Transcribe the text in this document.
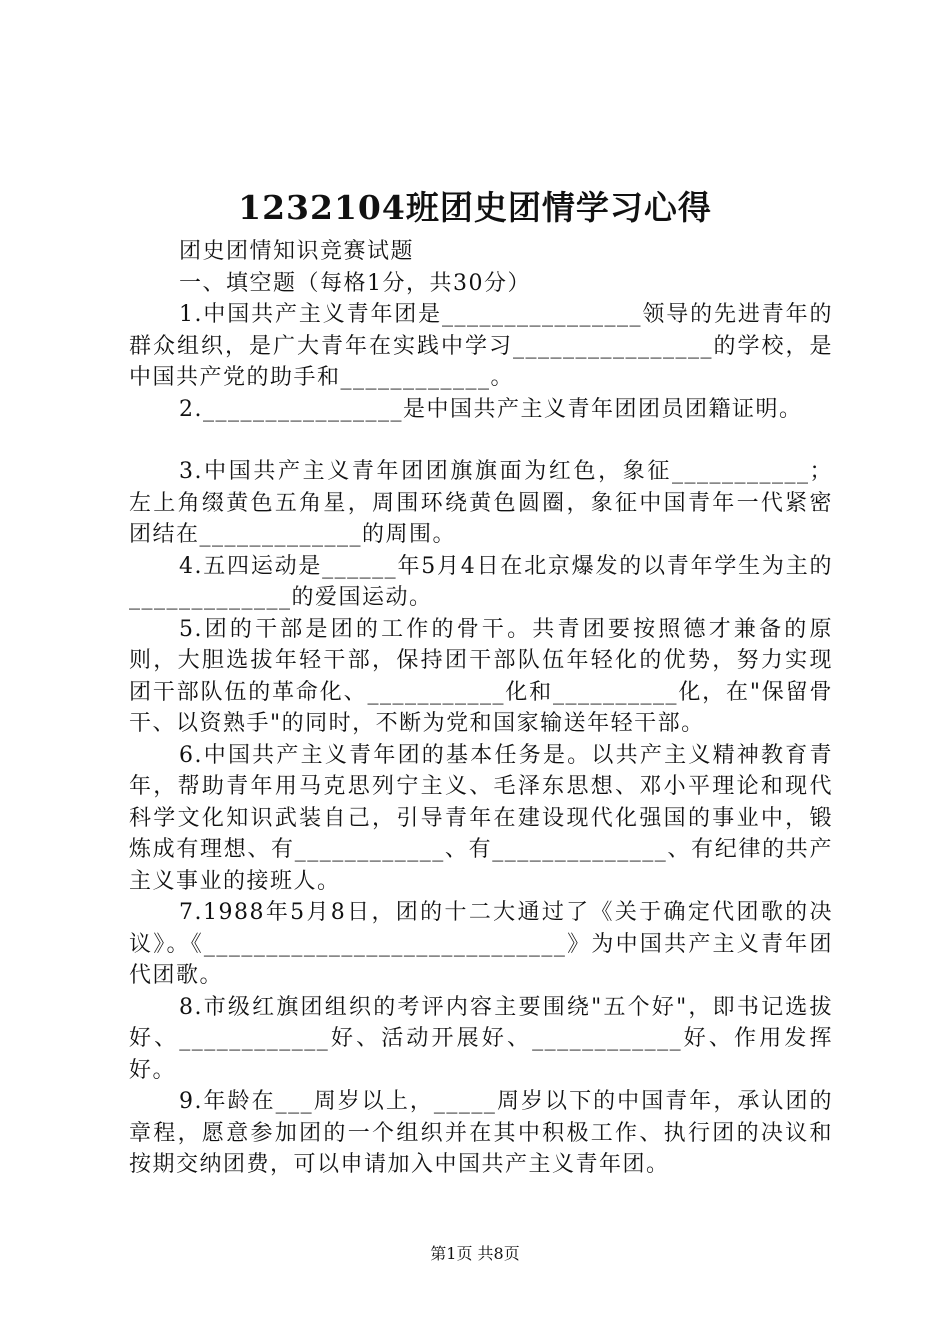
1232104班团史团情学习心得

团史团情知识竞赛试题

一、填空题（每格1分，共30分）

1.中国共产主义青年团是________________领导的先进青年的群众组织，是广大青年在实践中学习________________的学校，是中国共产党的助手和____________。

2.________________是中国共产主义青年团团员团籍证明。

3.中国共产主义青年团团旗旗面为红色，象征___________；左上角缀黄色五角星，周围环绕黄色圆圈，象征中国青年一代紧密团结在_____________的周围。

4.五四运动是______年5月4日在北京爆发的以青年学生为主的_____________的爱国运动。

5.团的干部是团的工作的骨干。共青团要按照德才兼备的原则，大胆选拔年轻干部，保持团干部队伍年轻化的优势，努力实现团干部队伍的革命化、___________化和__________化，在"保留骨干、以资熟手"的同时，不断为党和国家输送年轻干部。

6.中国共产主义青年团的基本任务是。以共产主义精神教育青年，帮助青年用马克思列宁主义、毛泽东思想、邓小平理论和现代科学文化知识武装自己，引导青年在建设现代化强国的事业中，锻炼成有理想、有____________、有______________、有纪律的共产主义事业的接班人。

7.1988年5月8日，团的十二大通过了《关于确定代团歌的决议》。《_____________________________》为中国共产主义青年团代团歌。

8.市级红旗团组织的考评内容主要围绕"五个好"，即书记选拔好、____________好、活动开展好、____________好、作用发挥好。

9.年龄在___周岁以上，_____周岁以下的中国青年，承认团的章程，愿意参加团的一个组织并在其中积极工作、执行团的决议和按期交纳团费，可以申请加入中国共产主义青年团。

第1页 共8页
